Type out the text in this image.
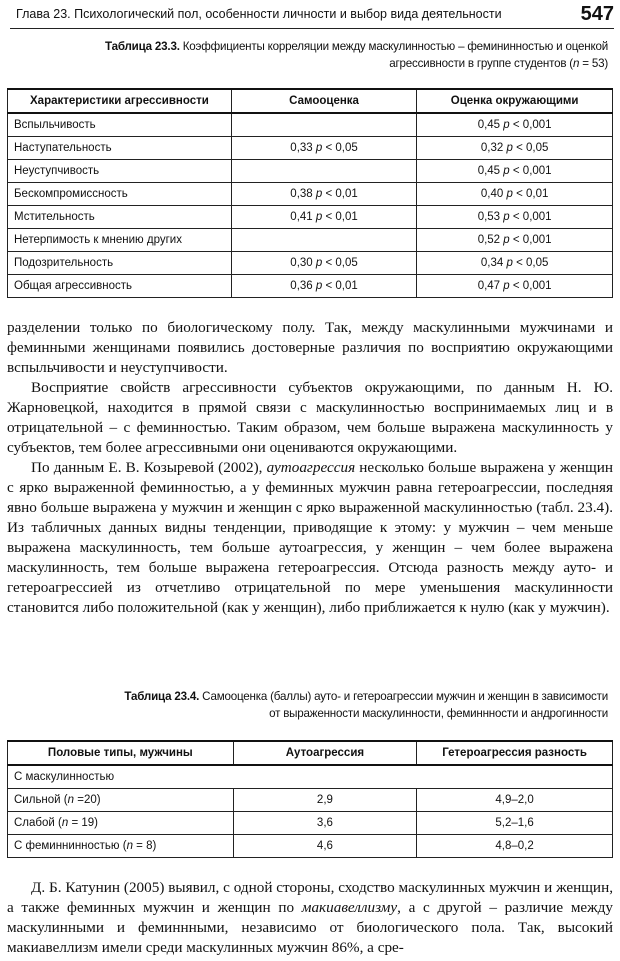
Глава 23. Психологический пол, особенности личности и выбор вида деятельности	547
Таблица 23.3. Коэффициенты корреляции между маскулинностью – фемининностью и оценкой
агрессивности в группе студентов (n = 53)
Характеристики агрессивности	Самооценка	Оценка окружающими
Вспыльчивость		0,45 p < 0,001
Наступательность	0,33 p < 0,05	0,32 p < 0,05
Неуступчивость		0,45 p < 0,001
Бескомпромиссность	0,38 p < 0,01	0,40 p < 0,01
Мстительность	0,41 p < 0,01	0,53 p < 0,001
Нетерпимость к мнению других		0,52 p < 0,001
Подозрительность	0,30 p < 0,05	0,34 p < 0,05
Общая агрессивность	0,36 p < 0,01	0,47 p < 0,001

разделении только по биологическому полу. Так, между маскулинными мужчинами и феминными женщинами появились достоверные различия по восприятию окружающими вспыльчивости и неуступчивости.

Восприятие свойств агрессивности субъектов окружающими, по данным Н. Ю. Жарновецкой, находится в прямой связи с маскулинностью воспринимаемых лиц и в отрицательной – с феминностью. Таким образом, чем больше выражена маскулинность у субъектов, тем более агрессивными они оцениваются окружающими.

По данным Е. В. Козыревой (2002), аутоагрессия несколько больше выражена у женщин с ярко выраженной феминностью, а у феминных мужчин равна гетероагрессии, последняя явно больше выражена у мужчин и женщин с ярко выраженной маскулинностью (табл. 23.4). Из табличных данных видны тенденции, приводящие к этому: у мужчин – чем меньше выражена маскулинность, тем больше аутоагрессия, у женщин – чем более выражена маскулинность, тем больше выражена гетероагрессия. Отсюда разность между ауто- и гетероагрессией из отчетливо отрицательной по мере уменьшения маскулинности становится либо положительной (как у женщин), либо приближается к нулю (как у мужчин).

Таблица 23.4. Самооценка (баллы) ауто- и гетероагрессии мужчин и женщин в зависимости
от выраженности маскулинности, феминнности и андрогинности
Половые типы, мужчины	Аутоагрессия	Гетероагрессия разность
С маскулинностью		
Сильной (n =20)	2,9	4,9–2,0
Слабой (n = 19)	3,6	5,2–1,6
С феминнинностью (n = 8)	4,6	4,8–0,2

Д. Б. Катунин (2005) выявил, с одной стороны, сходство маскулинных мужчин и женщин, а также феминных мужчин и женщин по макиавеллизму, а с другой – различие между маскулинными и феминнными, независимо от биологического пола. Так, высокий макиавеллизм имели среди маскулинных мужчин 86%, а сре-
